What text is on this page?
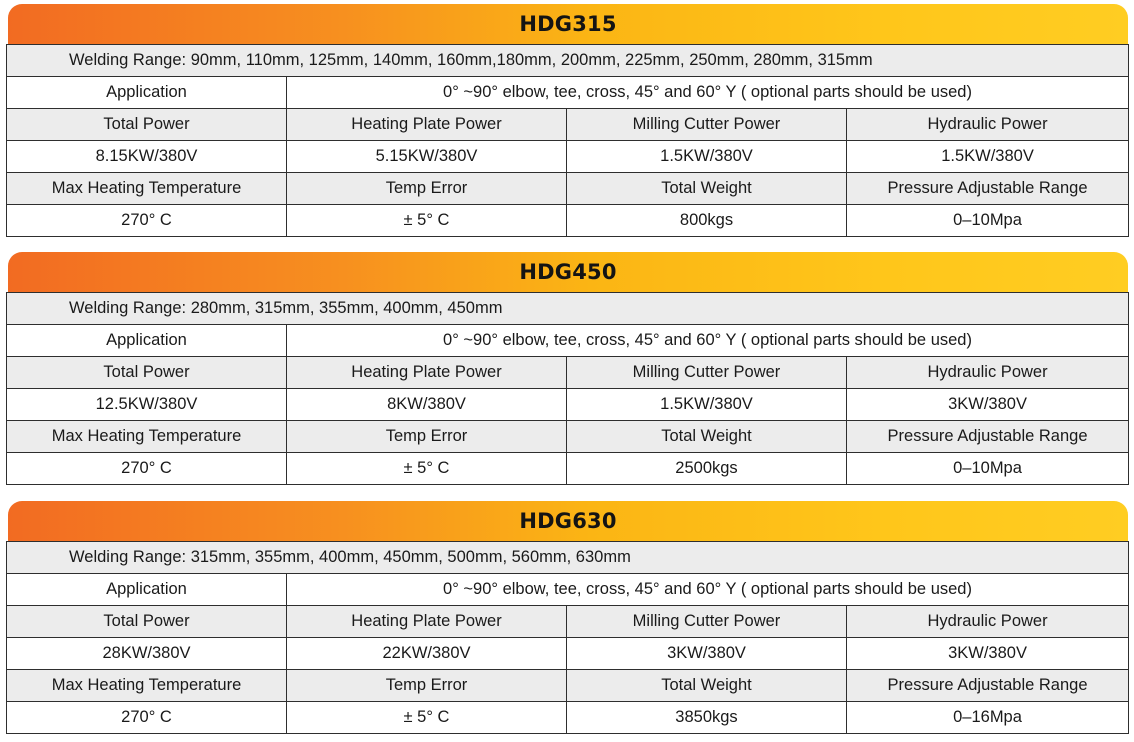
HDG315
Welding Range: 90mm, 110mm, 125mm, 140mm, 160mm,180mm, 200mm, 225mm, 250mm, 280mm, 315mm			
Application	0° ~90° elbow, tee, cross, 45° and 60° Y ( optional parts should be used)		
Total Power	Heating Plate Power	Milling Cutter Power	Hydraulic Power
8.15KW/380V	5.15KW/380V	1.5KW/380V	1.5KW/380V
Max Heating Temperature	Temp Error	Total Weight	Pressure Adjustable Range
270° C	± 5° C	800kgs	0–10Mpa
HDG450
Welding Range: 280mm, 315mm, 355mm, 400mm, 450mm			
Application	0° ~90° elbow, tee, cross, 45° and 60° Y ( optional parts should be used)		
Total Power	Heating Plate Power	Milling Cutter Power	Hydraulic Power
12.5KW/380V	8KW/380V	1.5KW/380V	3KW/380V
Max Heating Temperature	Temp Error	Total Weight	Pressure Adjustable Range
270° C	± 5° C	2500kgs	0–10Mpa
HDG630
Welding Range: 315mm, 355mm, 400mm, 450mm, 500mm, 560mm, 630mm			
Application	0° ~90° elbow, tee, cross, 45° and 60° Y ( optional parts should be used)		
Total Power	Heating Plate Power	Milling Cutter Power	Hydraulic Power
28KW/380V	22KW/380V	3KW/380V	3KW/380V
Max Heating Temperature	Temp Error	Total Weight	Pressure Adjustable Range
270° C	± 5° C	3850kgs	0–16Mpa
